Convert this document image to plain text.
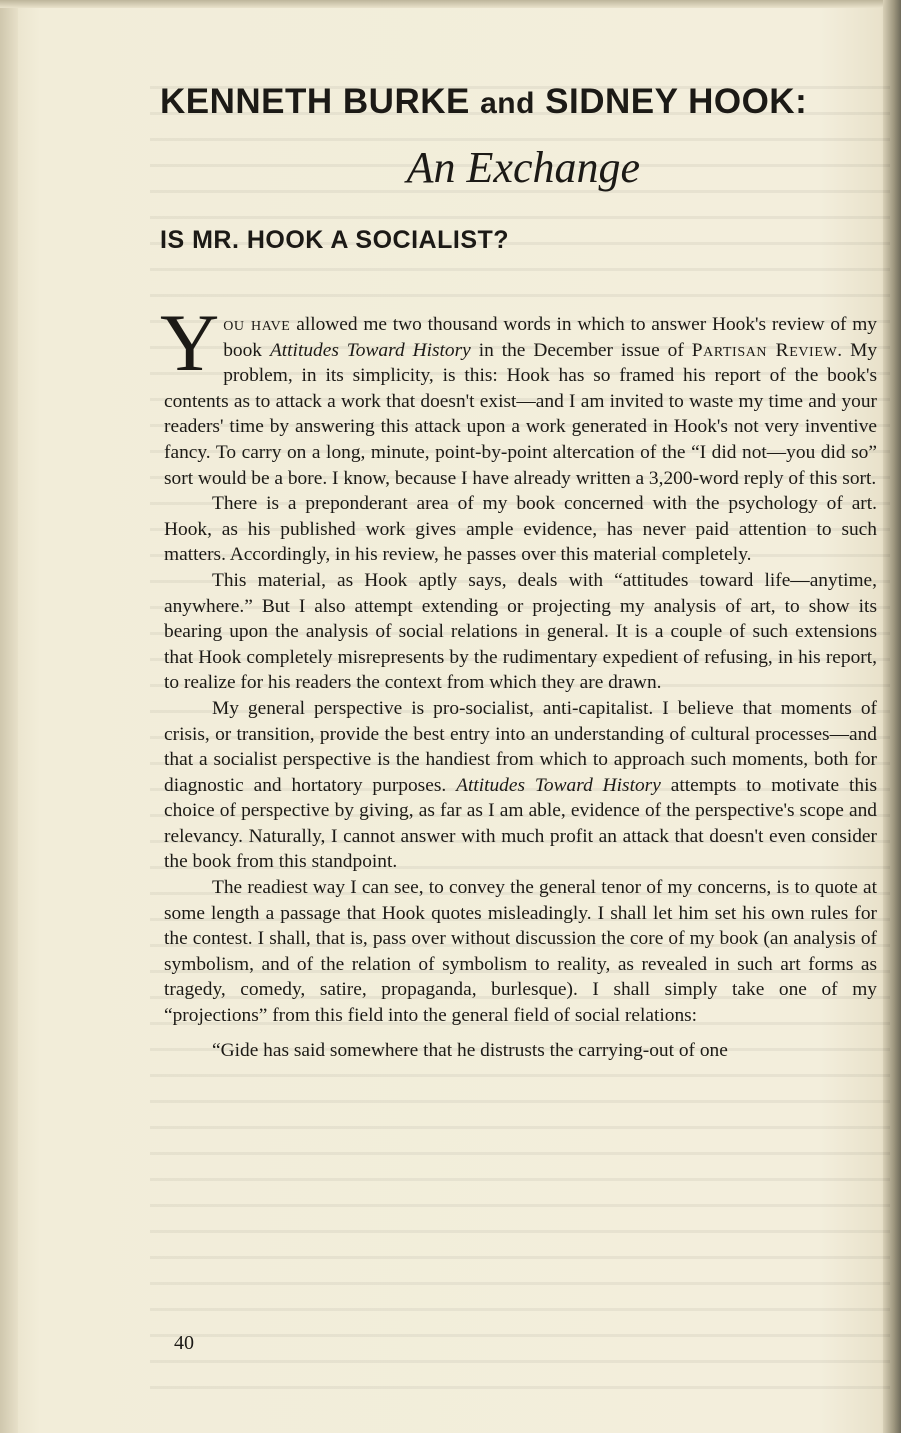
KENNETH BURKE and SIDNEY HOOK:
An Exchange
IS MR. HOOK A SOCIALIST?

You have allowed me two thousand words in which to answer Hook's review of my book Attitudes Toward History in the December issue of Partisan Review. My problem, in its simplicity, is this: Hook has so framed his report of the book's contents as to attack a work that doesn't exist—and I am invited to waste my time and your readers' time by answering this attack upon a work generated in Hook's not very inventive fancy. To carry on a long, minute, point-by-point altercation of the “I did not—you did so” sort would be a bore. I know, because I have already written a 3,200-word reply of this sort.

There is a preponderant area of my book concerned with the psychology of art. Hook, as his published work gives ample evidence, has never paid attention to such matters. Accordingly, in his review, he passes over this material completely.

This material, as Hook aptly says, deals with “attitudes toward life—anytime, anywhere.” But I also attempt extending or projecting my analysis of art, to show its bearing upon the analysis of social relations in general. It is a couple of such extensions that Hook completely misrepresents by the rudimentary expedient of refusing, in his report, to realize for his readers the context from which they are drawn.

My general perspective is pro-socialist, anti-capitalist. I believe that moments of crisis, or transition, provide the best entry into an understanding of cultural processes—and that a socialist perspective is the handiest from which to approach such moments, both for diagnostic and hortatory purposes. Attitudes Toward History attempts to motivate this choice of perspective by giving, as far as I am able, evidence of the perspective's scope and relevancy. Naturally, I cannot answer with much profit an attack that doesn't even consider the book from this standpoint.

The readiest way I can see, to convey the general tenor of my concerns, is to quote at some length a passage that Hook quotes misleadingly. I shall let him set his own rules for the contest. I shall, that is, pass over without discussion the core of my book (an analysis of symbolism, and of the relation of symbolism to reality, as revealed in such art forms as tragedy, comedy, satire, propaganda, burlesque). I shall simply take one of my “projections” from this field into the general field of social relations:

“Gide has said somewhere that he distrusts the carrying-out of one

40
